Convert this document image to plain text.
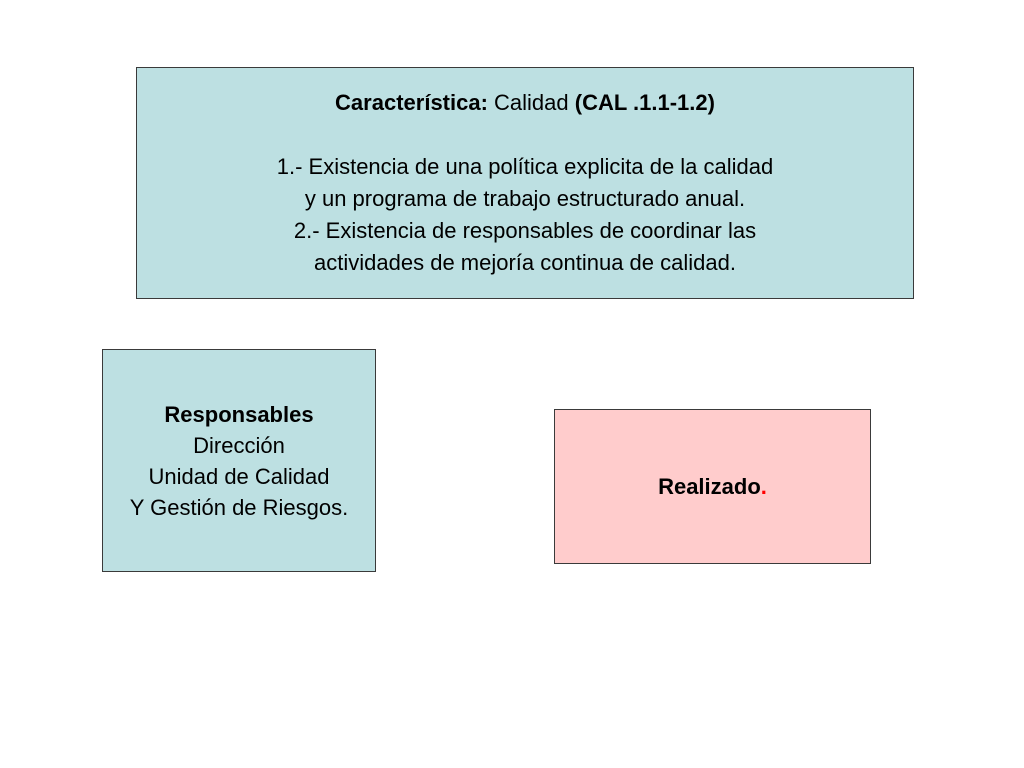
Característica: Calidad (CAL .1.1-1.2)
1.- Existencia de una política explicita de la calidad
y un programa de trabajo estructurado anual.
2.- Existencia de responsables de coordinar las
actividades de mejoría continua de calidad.
Responsables
Dirección
Unidad de Calidad
Y Gestión de Riesgos.
Realizado.
